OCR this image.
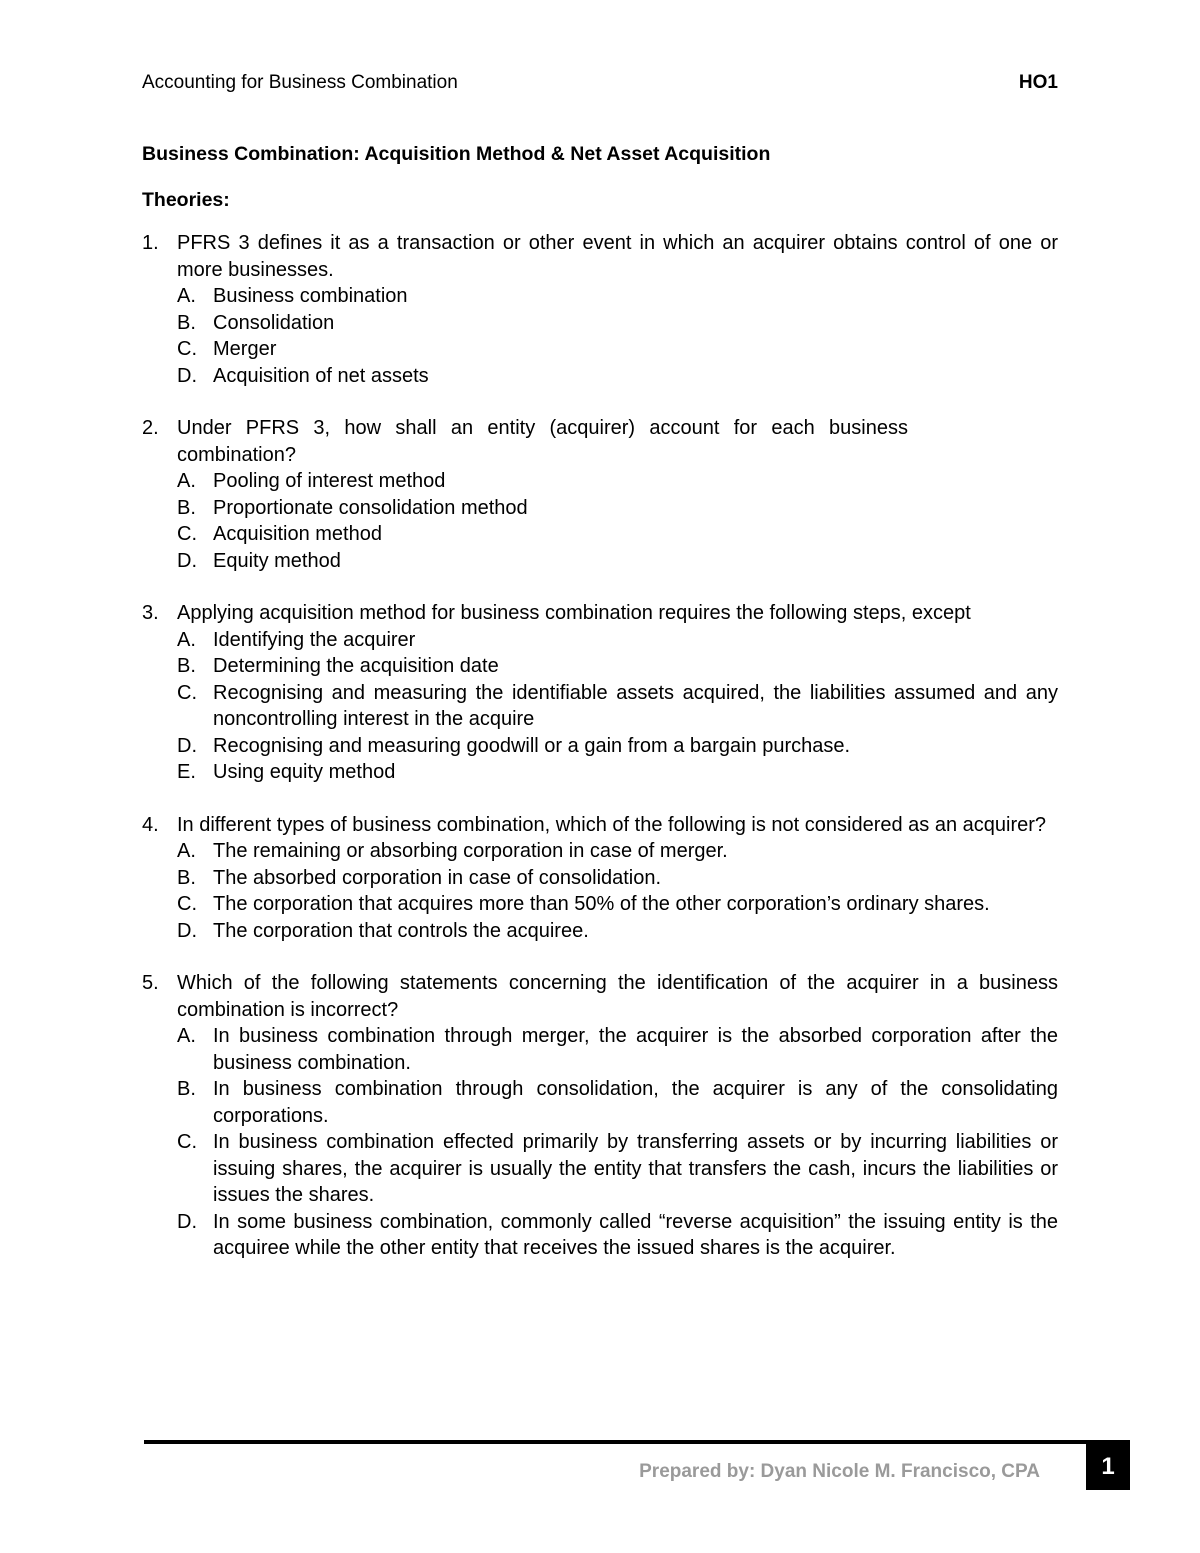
Accounting for Business Combination	HO1
Business Combination: Acquisition Method & Net Asset Acquisition
Theories:
1. PFRS 3 defines it as a transaction or other event in which an acquirer obtains control of one or more businesses.
A. Business combination
B. Consolidation
C. Merger
D. Acquisition of net assets
2. Under PFRS 3, how shall an entity (acquirer) account for each business combination?
A. Pooling of interest method
B. Proportionate consolidation method
C. Acquisition method
D. Equity method
3. Applying acquisition method for business combination requires the following steps, except
A. Identifying the acquirer
B. Determining the acquisition date
C. Recognising and measuring the identifiable assets acquired, the liabilities assumed and any noncontrolling interest in the acquire
D. Recognising and measuring goodwill or a gain from a bargain purchase.
E. Using equity method
4. In different types of business combination, which of the following is not considered as an acquirer?
A. The remaining or absorbing corporation in case of merger.
B. The absorbed corporation in case of consolidation.
C. The corporation that acquires more than 50% of the other corporation’s ordinary shares.
D. The corporation that controls the acquiree.
5. Which of the following statements concerning the identification of the acquirer in a business combination is incorrect?
A. In business combination through merger, the acquirer is the absorbed corporation after the business combination.
B. In business combination through consolidation, the acquirer is any of the consolidating corporations.
C. In business combination effected primarily by transferring assets or by incurring liabilities or issuing shares, the acquirer is usually the entity that transfers the cash, incurs the liabilities or issues the shares.
D. In some business combination, commonly called “reverse acquisition” the issuing entity is the acquiree while the other entity that receives the issued shares is the acquirer.
Prepared by: Dyan Nicole M. Francisco, CPA	1
